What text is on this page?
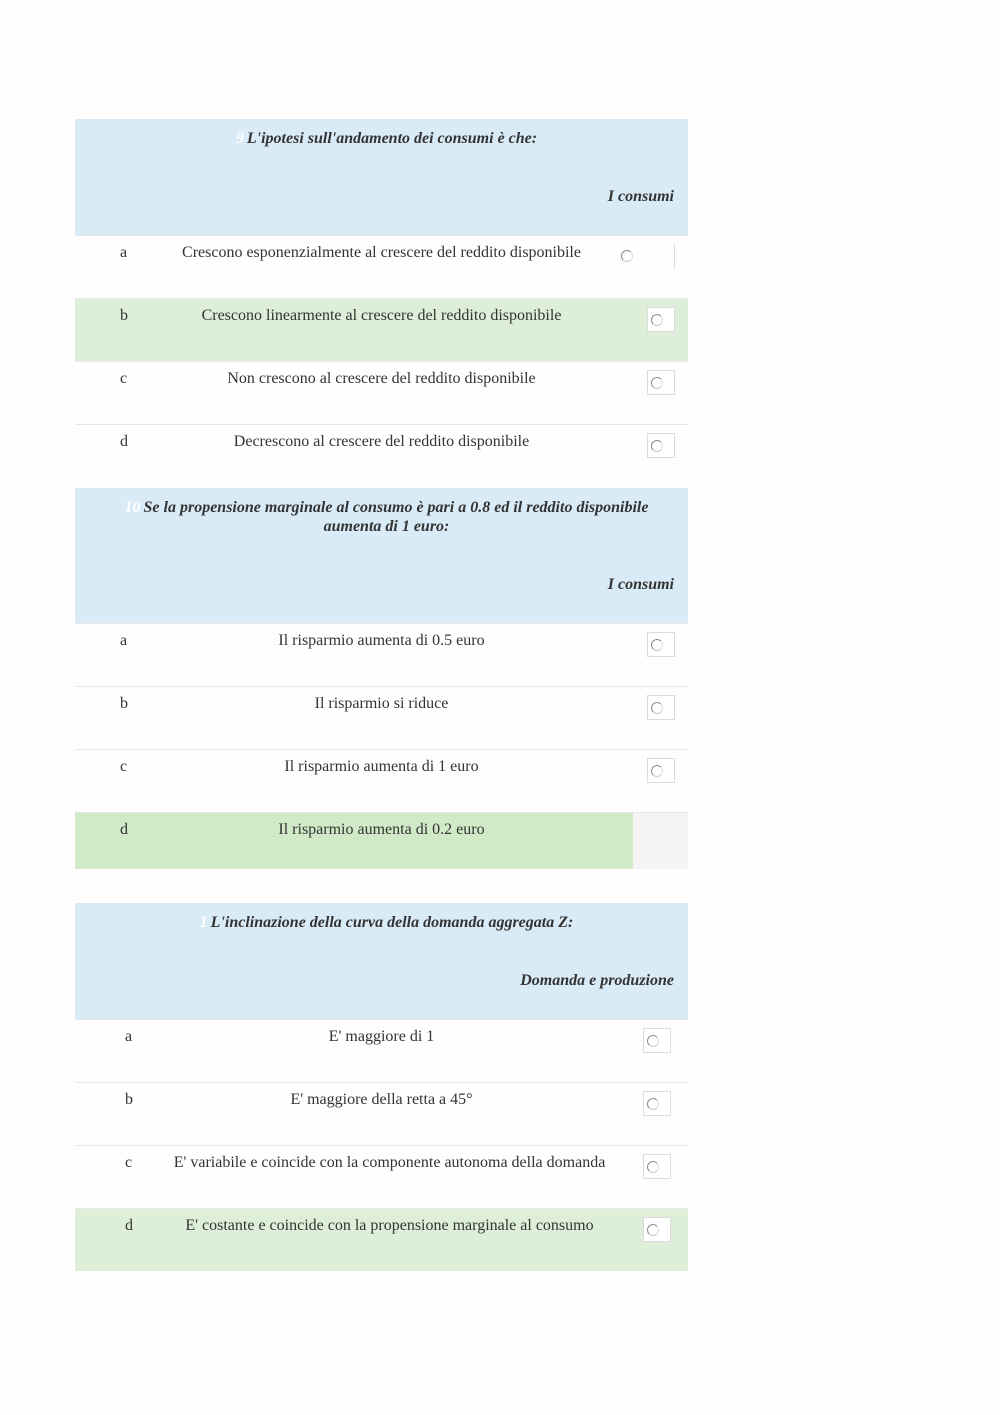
9 L'ipotesi sull'andamento dei consumi è che:
I consumi
a	Crescono esponenzialmente al crescere del reddito disponibile
b	Crescono linearmente al crescere del reddito disponibile
c	Non crescono al crescere del reddito disponibile
d	Decrescono al crescere del reddito disponibile
10 Se la propensione marginale al consumo è pari a 0.8 ed il reddito disponibile aumenta di 1 euro:
I consumi
a	Il risparmio aumenta di 0.5 euro
b	Il risparmio si riduce
c	Il risparmio aumenta di 1 euro
d	Il risparmio aumenta di 0.2 euro
1 L'inclinazione della curva della domanda aggregata Z:
Domanda e produzione
a	E' maggiore di 1
b	E' maggiore della retta a 45°
c	E' variabile e coincide con la componente autonoma della domanda
d	E' costante e coincide con la propensione marginale al consumo
